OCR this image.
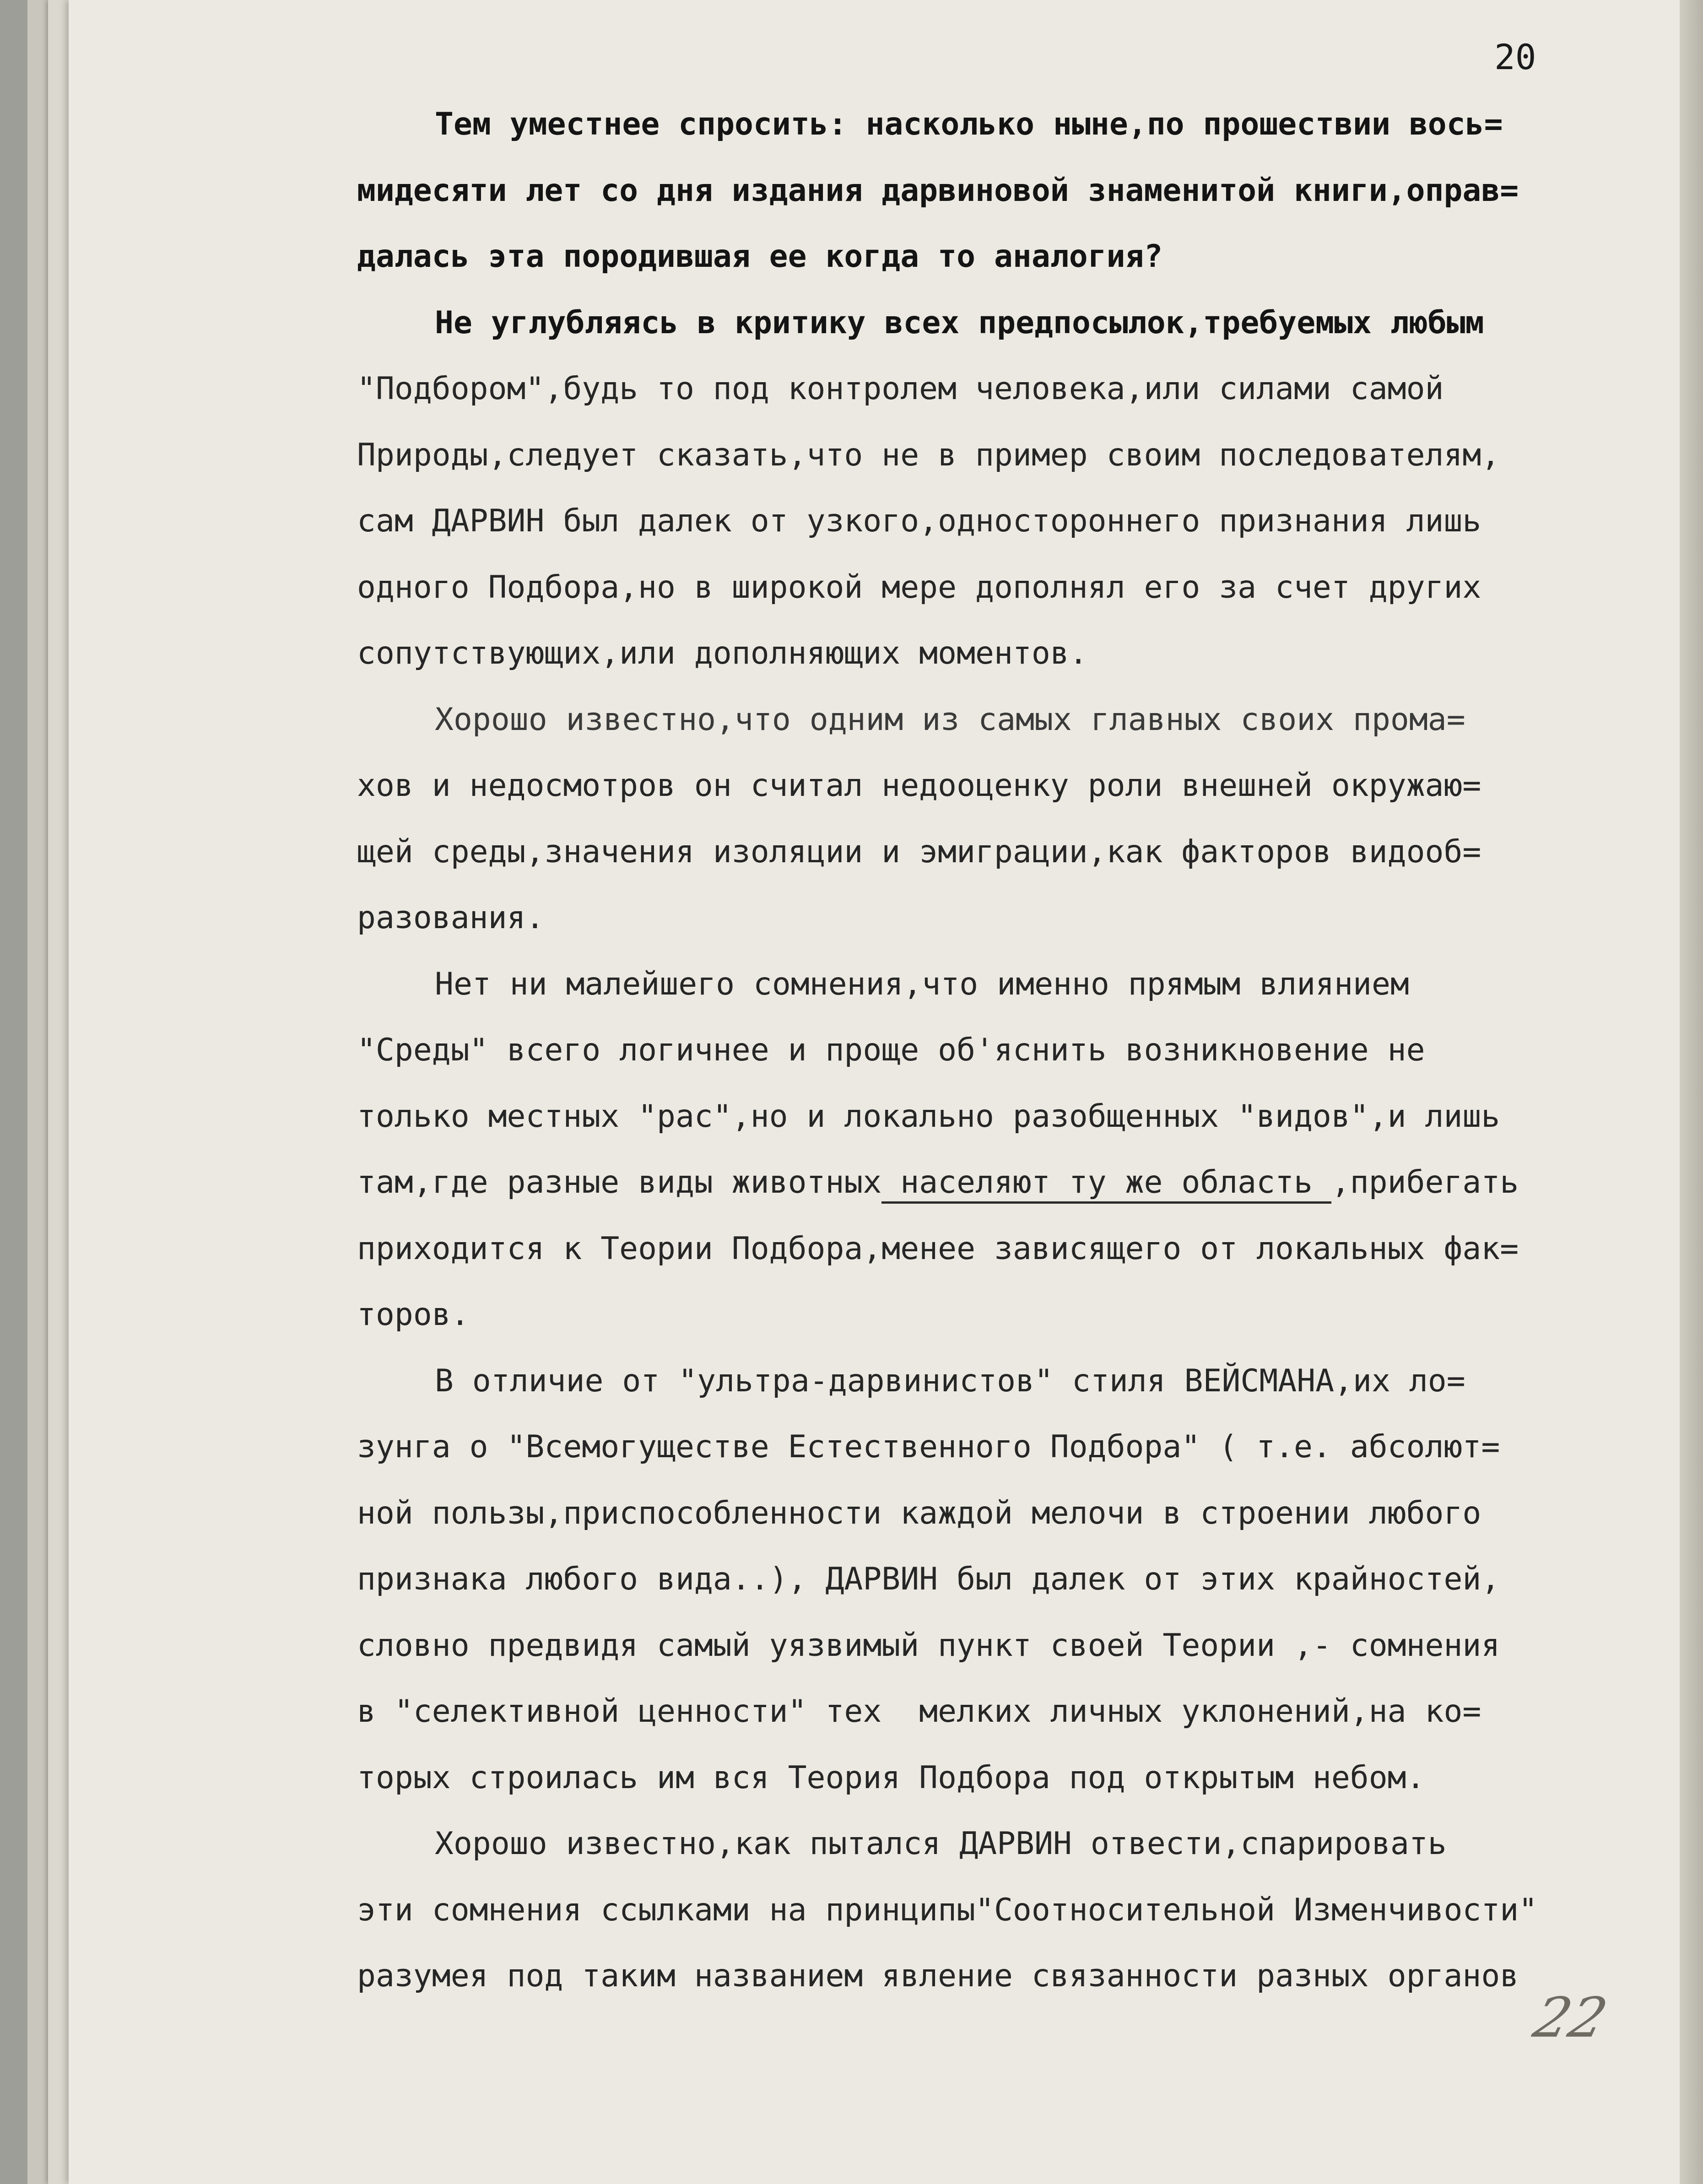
20
Тем уместнее спросить: насколько ныне,по прошествии вось=
мидесяти лет со дня издания дарвиновой знаменитой книги,оправ=
далась эта породившая ее когда то аналогия?
Не углубляясь в критику всех предпосылок,требуемых любым
"Подбором",будь то под контролем человека,или силами самой
Природы,следует сказать,что не в пример своим последователям,
сам ДАРВИН был далек от узкого,одностороннего признания лишь
одного Подбора,но в широкой мере дополнял его за счет других
сопутствующих,или дополняющих моментов.
Хорошо известно,что одним из самых главных своих прома=
хов и недосмотров он считал недооценку роли внешней окружаю=
щей среды,значения изоляции и эмиграции,как факторов видооб=
разования.
Нет ни малейшего сомнения,что именно прямым влиянием
"Среды" всего логичнее и проще об'яснить возникновение не
только местных "рас",но и локально разобщенных "видов",и лишь
там,где разные виды животных населяют ту же область ,прибегать
приходится к Теории Подбора,менее зависящего от локальных фак=
торов.
В отличие от "ультра-дарвинистов" стиля ВЕЙСМАНА,их ло=
зунга о "Всемогуществе Естественного Подбора" ( т.е. абсолют=
ной пользы,приспособленности каждой мелочи в строении любого
признака любого вида..), ДАРВИН был далек от этих крайностей,
словно предвидя самый уязвимый пункт своей Теории ,- сомнения
в "селективной ценности" тех  мелких личных уклонений,на ко=
торых строилась им вся Теория Подбора под открытым небом.
Хорошо известно,как пытался ДАРВИН отвести,спарировать
эти сомнения ссылками на принципы"Соотносительной Изменчивости"
разумея под таким названием явление связанности разных органов
22
